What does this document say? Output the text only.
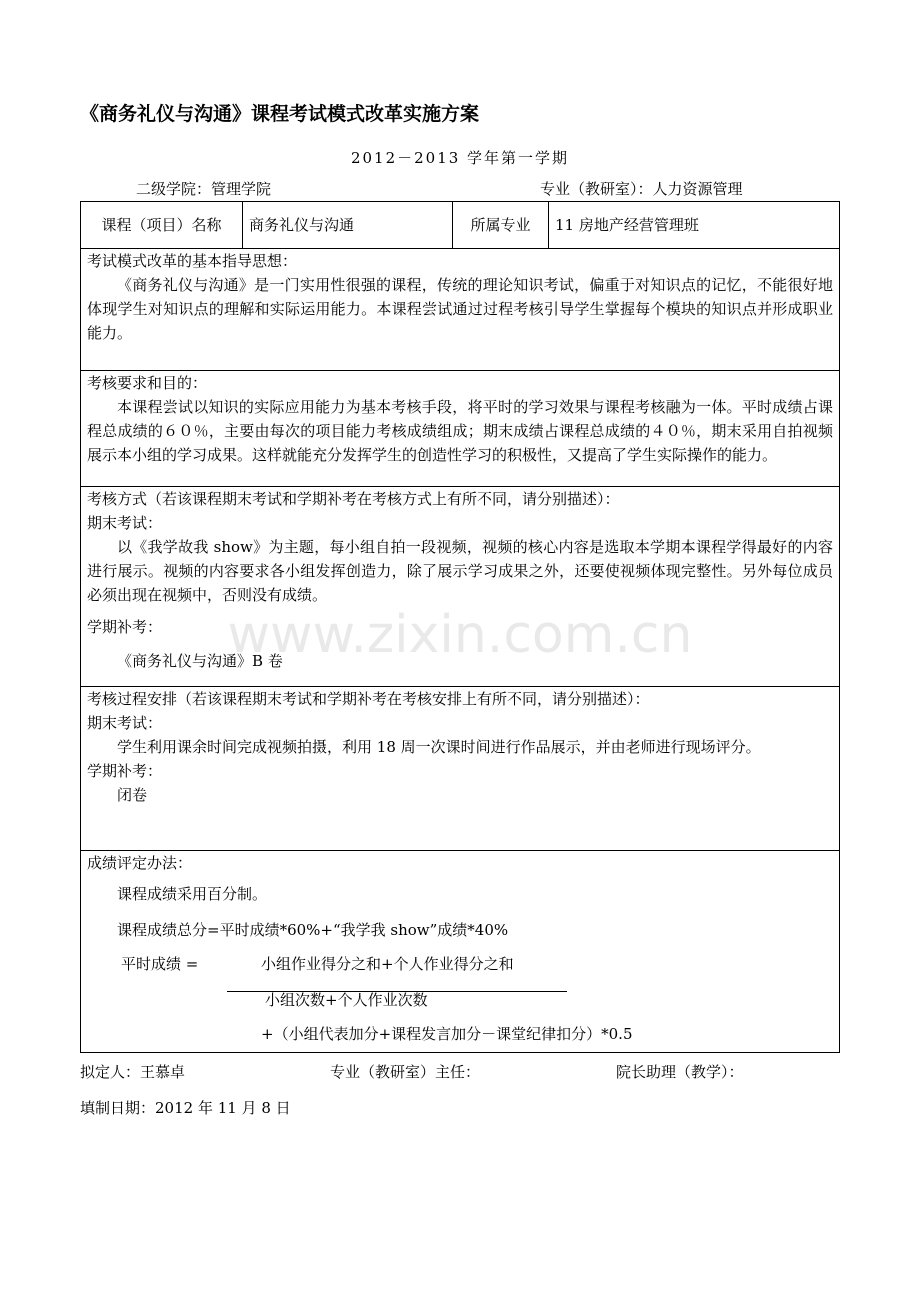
《商务礼仪与沟通》课程考试模式改革实施方案
2012－2013 学年第一学期
二级学院：管理学院	专业（教研室）：人力资源管理
课程（项目）名称	商务礼仪与沟通	所属专业	11 房地产经营管理班

考试模式改革的基本指导思想：
《商务礼仪与沟通》是一门实用性很强的课程，传统的理论知识考试，偏重于对知识点的记忆，不能很好地体现学生对知识点的理解和实际运用能力。本课程尝试通过过程考核引导学生掌握每个模块的知识点并形成职业能力。

考核要求和目的：
本课程尝试以知识的实际应用能力为基本考核手段，将平时的学习效果与课程考核融为一体。平时成绩占课程总成绩的６０％，主要由每次的项目能力考核成绩组成；期末成绩占课程总成绩的４０％，期末采用自拍视频展示本小组的学习成果。这样就能充分发挥学生的创造性学习的积极性，又提高了学生实际操作的能力。

考核方式（若该课程期末考试和学期补考在考核方式上有所不同，请分别描述）：
期末考试：
以《我学故我 show》为主题，每小组自拍一段视频，视频的核心内容是选取本学期本课程学得最好的内容进行展示。视频的内容要求各小组发挥创造力，除了展示学习成果之外，还要使视频体现完整性。另外每位成员必须出现在视频中，否则没有成绩。
学期补考：
《商务礼仪与沟通》B 卷

考核过程安排（若该课程期末考试和学期补考在考核安排上有所不同，请分别描述）：
期末考试：
学生利用课余时间完成视频拍摄，利用 18 周一次课时间进行作品展示，并由老师进行现场评分。
学期补考：
闭卷

成绩评定办法：
课程成绩采用百分制。
课程成绩总分=平时成绩*60%+“我学我 show”成绩*40%
平时成绩 =	小组作业得分之和+个人作业得分之和
小组次数+个人作业次数
+（小组代表加分+课程发言加分－课堂纪律扣分）*0.5
拟定人：王慕卓	专业（教研室）主任：	院长助理（教学）：
填制日期：2012 年 11 月 8 日
www.zixin.com.cn
